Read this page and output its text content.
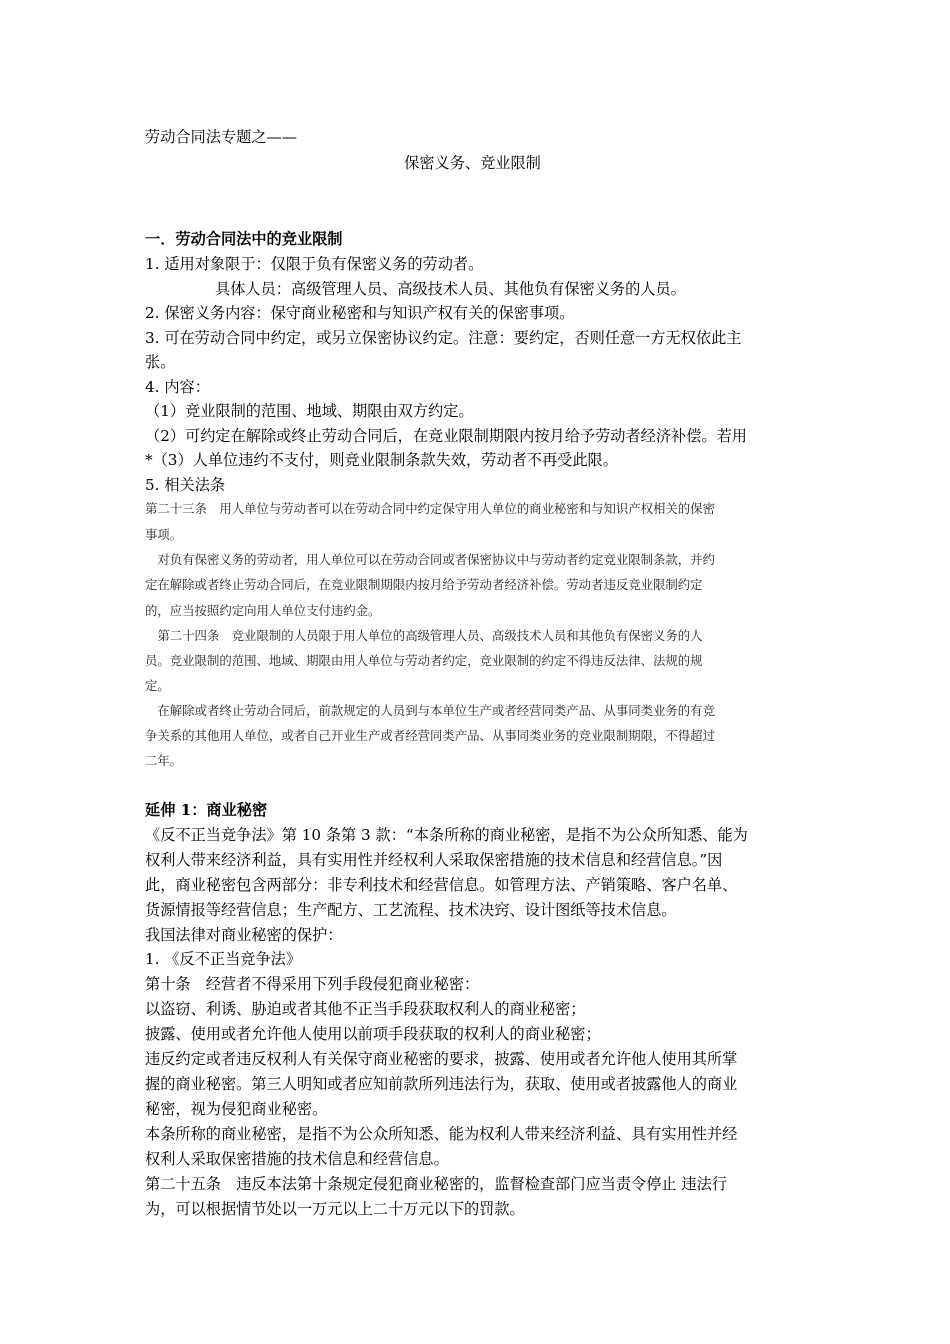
劳动合同法专题之——
保密义务、竞业限制
一．劳动合同法中的竞业限制
1. 适用对象限于：仅限于负有保密义务的劳动者。
具体人员：高级管理人员、高级技术人员、其他负有保密义务的人员。
2. 保密义务内容：保守商业秘密和与知识产权有关的保密事项。
3. 可在劳动合同中约定，或另立保密协议约定。注意：要约定，否则任意一方无权依此主
张。
4. 内容：
（1）竞业限制的范围、地域、期限由双方约定。
（2）可约定在解除或终止劳动合同后，在竞业限制期限内按月给予劳动者经济补偿。若用
*（3）人单位违约不支付，则竞业限制条款失效，劳动者不再受此限。
5. 相关法条
第二十三条　用人单位与劳动者可以在劳动合同中约定保守用人单位的商业秘密和与知识产权相关的保密
事项。
　对负有保密义务的劳动者，用人单位可以在劳动合同或者保密协议中与劳动者约定竞业限制条款，并约
定在解除或者终止劳动合同后，在竞业限制期限内按月给予劳动者经济补偿。劳动者违反竞业限制约定
的，应当按照约定向用人单位支付违约金。
　第二十四条　竞业限制的人员限于用人单位的高级管理人员、高级技术人员和其他负有保密义务的人
员。竞业限制的范围、地域、期限由用人单位与劳动者约定，竞业限制的约定不得违反法律、法规的规
定。
　在解除或者终止劳动合同后，前款规定的人员到与本单位生产或者经营同类产品、从事同类业务的有竞
争关系的其他用人单位，或者自己开业生产或者经营同类产品、从事同类业务的竞业限制期限，不得超过
二年。
延伸 1：商业秘密
《反不正当竞争法》第 10 条第 3 款：“本条所称的商业秘密，是指不为公众所知悉、能为
权利人带来经济利益，具有实用性并经权利人采取保密措施的技术信息和经营信息。”因
此，商业秘密包含两部分：非专利技术和经营信息。如管理方法、产销策略、客户名单、
货源情报等经营信息；生产配方、工艺流程、技术决窍、设计图纸等技术信息。
我国法律对商业秘密的保护：
1. 《反不正当竞争法》
第十条　经营者不得采用下列手段侵犯商业秘密：
以盗窃、利诱、胁迫或者其他不正当手段获取权利人的商业秘密；
披露、使用或者允许他人使用以前项手段获取的权利人的商业秘密；
违反约定或者违反权利人有关保守商业秘密的要求，披露、使用或者允许他人使用其所掌
握的商业秘密。第三人明知或者应知前款所列违法行为，获取、使用或者披露他人的商业
秘密，视为侵犯商业秘密。
本条所称的商业秘密，是指不为公众所知悉、能为权利人带来经济利益、具有实用性并经
权利人采取保密措施的技术信息和经营信息。
第二十五条　违反本法第十条规定侵犯商业秘密的，监督检查部门应当责令停止 违法行
为，可以根据情节处以一万元以上二十万元以下的罚款。
